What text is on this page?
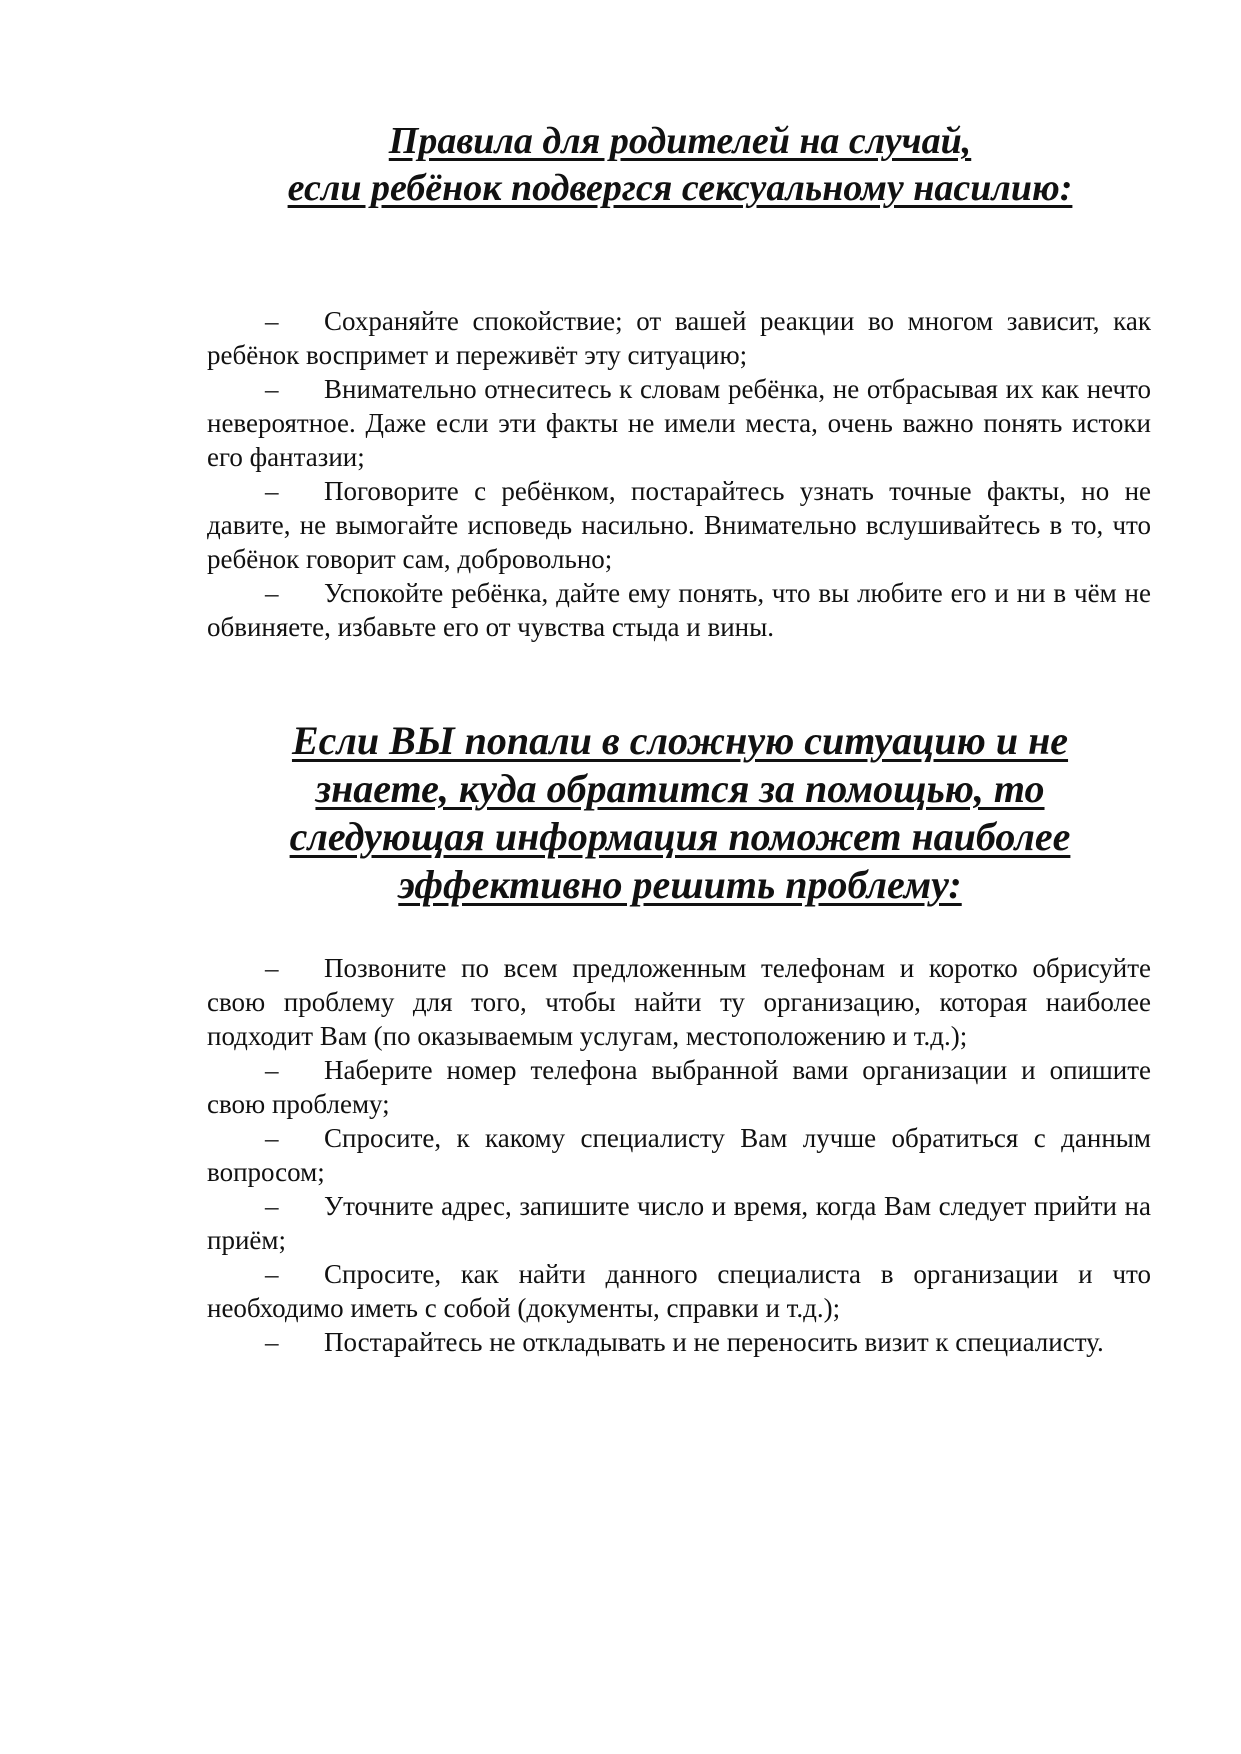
Правила для родителей на случай,
если ребёнок подвергся сексуальному насилию:
– Сохраняйте спокойствие; от вашей реакции во многом зависит, как ребёнок воспримет и переживёт эту ситуацию;
– Внимательно отнеситесь к словам ребёнка, не отбрасывая их как нечто невероятное. Даже если эти факты не имели места, очень важно понять истоки его фантазии;
– Поговорите с ребёнком, постарайтесь узнать точные факты, но не давите, не вымогайте исповедь насильно. Внимательно вслушивайтесь в то, что ребёнок говорит сам, добровольно;
– Успокойте ребёнка, дайте ему понять, что вы любите его и ни в чём не обвиняете, избавьте его от чувства стыда и вины.
Если ВЫ попали в сложную ситуацию и не
знаете, куда обратится за помощью, то
следующая информация поможет наиболее
эффективно решить проблему:
– Позвоните по всем предложенным телефонам и коротко обрисуйте свою проблему для того, чтобы найти ту организацию, которая наиболее подходит Вам (по оказываемым услугам, местоположению и т.д.);
– Наберите номер телефона выбранной вами организации и опишите свою проблему;
– Спросите, к какому специалисту Вам лучше обратиться с данным вопросом;
– Уточните адрес, запишите число и время, когда Вам следует прийти на приём;
– Спросите, как найти данного специалиста в организации и что необходимо иметь с собой (документы, справки и т.д.);
– Постарайтесь не откладывать и не переносить визит к специалисту.
